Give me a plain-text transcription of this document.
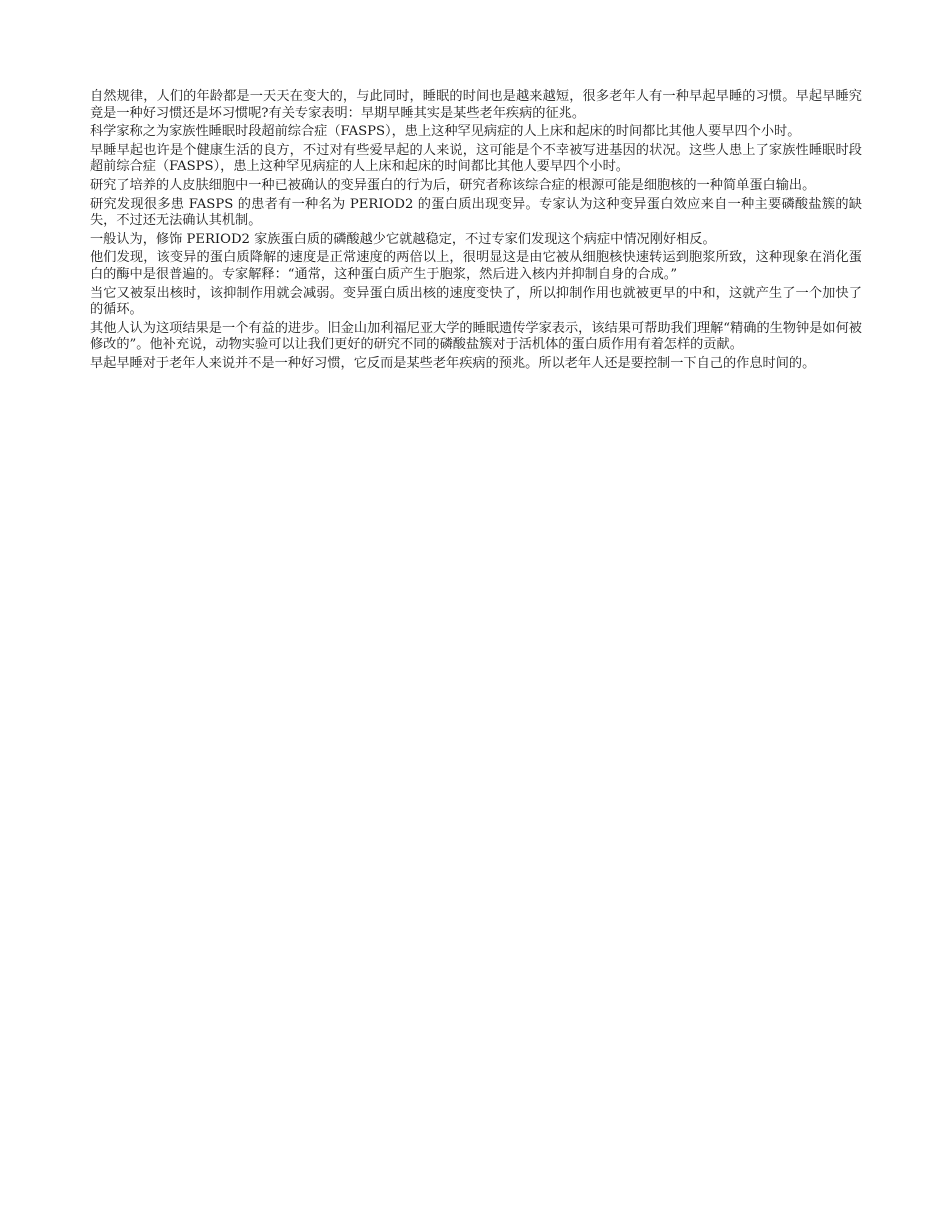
自然规律，人们的年龄都是一天天在变大的，与此同时，睡眠的时间也是越来越短，很多老年人有一种早起早睡的习惯。早起早睡究竟是一种好习惯还是坏习惯呢?有关专家表明：早期早睡其实是某些老年疾病的征兆。

科学家称之为家族性睡眠时段超前综合症（FASPS），患上这种罕见病症的人上床和起床的时间都比其他人要早四个小时。

早睡早起也许是个健康生活的良方，不过对有些爱早起的人来说，这可能是个不幸被写进基因的状况。这些人患上了家族性睡眠时段超前综合症（FASPS），患上这种罕见病症的人上床和起床的时间都比其他人要早四个小时。

研究了培养的人皮肤细胞中一种已被确认的变异蛋白的行为后，研究者称该综合症的根源可能是细胞核的一种简单蛋白输出。

研究发现很多患 FASPS 的患者有一种名为 PERIOD2 的蛋白质出现变异。专家认为这种变异蛋白效应来自一种主要磷酸盐簇的缺失，不过还无法确认其机制。

一般认为，修饰 PERIOD2 家族蛋白质的磷酸越少它就越稳定，不过专家们发现这个病症中情况刚好相反。

他们发现，该变异的蛋白质降解的速度是正常速度的两倍以上，很明显这是由它被从细胞核快速转运到胞浆所致，这种现象在消化蛋白的酶中是很普遍的。专家解释：“通常，这种蛋白质产生于胞浆，然后进入核内并抑制自身的合成。”

当它又被泵出核时，该抑制作用就会减弱。变异蛋白质出核的速度变快了，所以抑制作用也就被更早的中和，这就产生了一个加快了的循环。

其他人认为这项结果是一个有益的进步。旧金山加利福尼亚大学的睡眠遗传学家表示，该结果可帮助我们理解“精确的生物钟是如何被修改的”。他补充说，动物实验可以让我们更好的研究不同的磷酸盐簇对于活机体的蛋白质作用有着怎样的贡献。

早起早睡对于老年人来说并不是一种好习惯，它反而是某些老年疾病的预兆。所以老年人还是要控制一下自己的作息时间的。
